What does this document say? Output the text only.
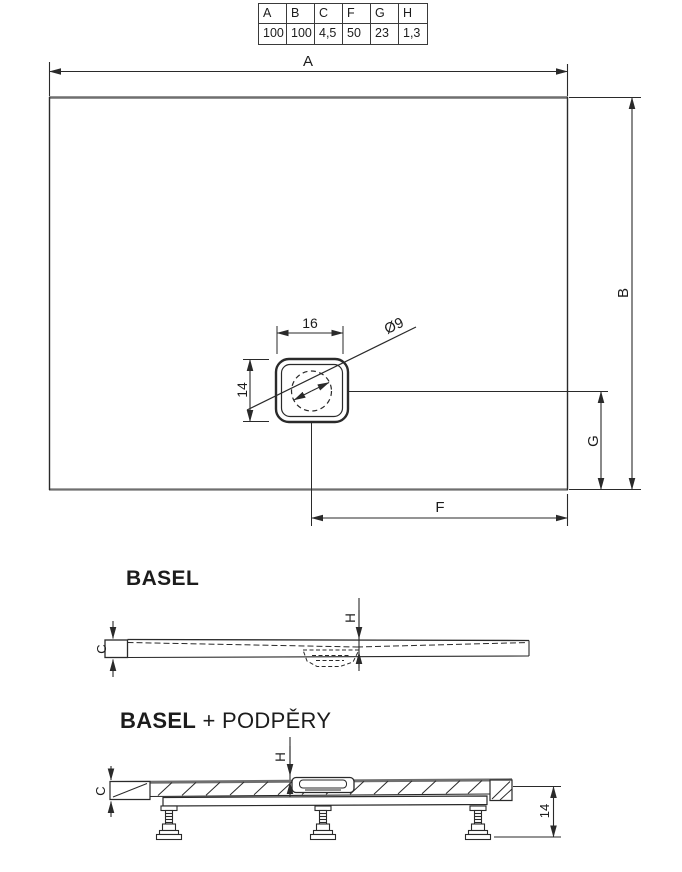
A
B
G
F
16
14
Ø9
H
C
H
C
14
A	B	C	F	G	H
100 100 4,5 50	23	1,3
BASEL
BASEL + PODPĚRY
